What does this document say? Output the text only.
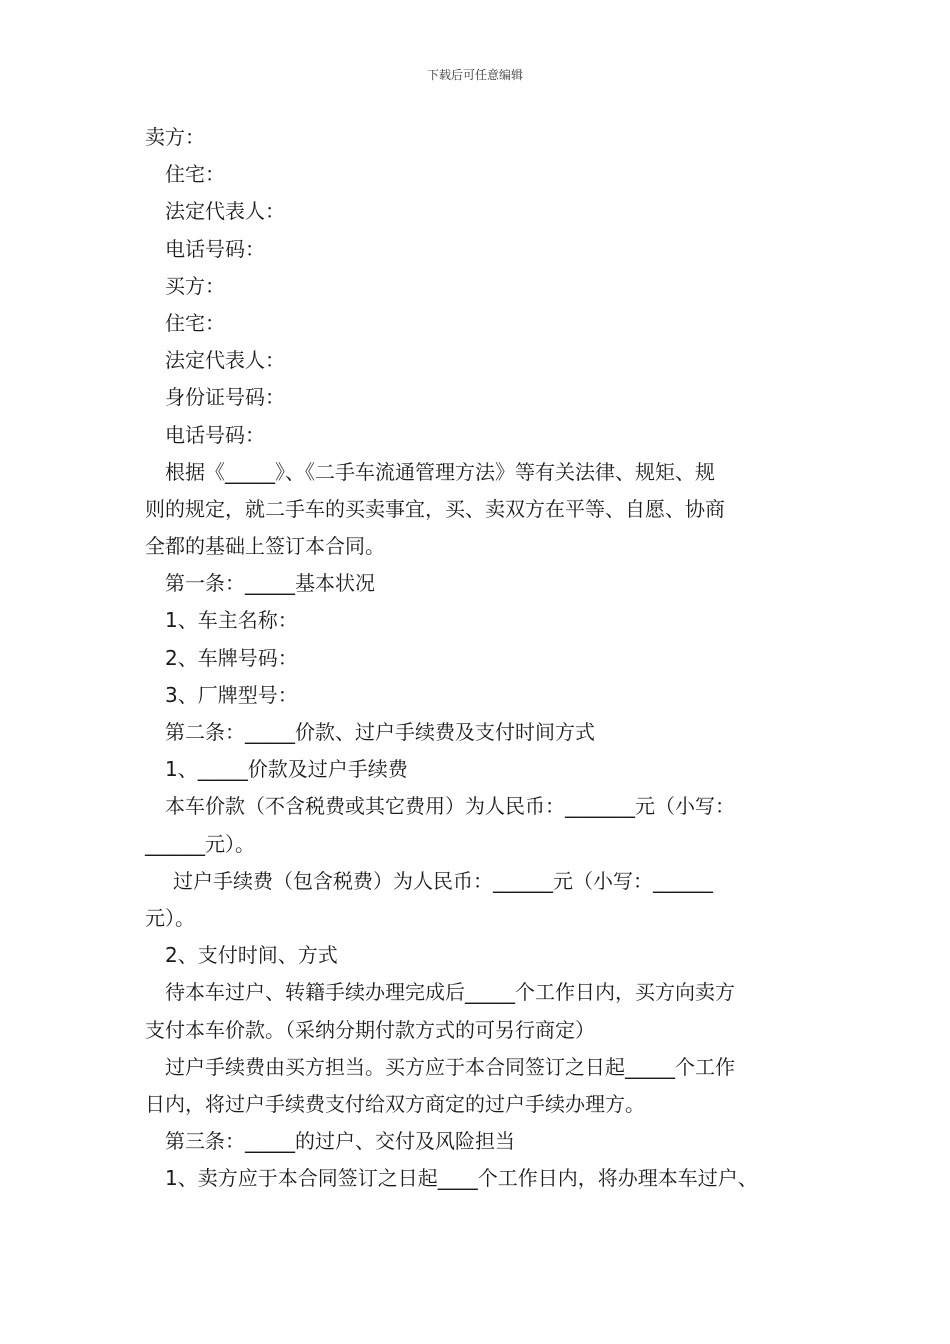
下载后可任意编辑
卖方：
住宅：
法定代表人：
电话号码：
买方：
住宅：
法定代表人：
身份证号码：
电话号码：
根据《_____》、《二手车流通管理方法》等有关法律、规矩、规
则的规定，就二手车的买卖事宜，买、卖双方在平等、自愿、协商
全都的基础上签订本合同。
第一条：_____基本状况
1、车主名称：
2、车牌号码：
3、厂牌型号：
第二条：_____价款、过户手续费及支付时间方式
1、_____价款及过户手续费
本车价款（不含税费或其它费用）为人民币：_______元（小写：
______元）。
过户手续费（包含税费）为人民币：______元（小写：______
元）。
2、支付时间、方式
待本车过户、转籍手续办理完成后_____个工作日内，买方向卖方
支付本车价款。（采纳分期付款方式的可另行商定）
过户手续费由买方担当。买方应于本合同签订之日起_____个工作
日内，将过户手续费支付给双方商定的过户手续办理方。
第三条：_____的过户、交付及风险担当
1、卖方应于本合同签订之日起____个工作日内，将办理本车过户、
